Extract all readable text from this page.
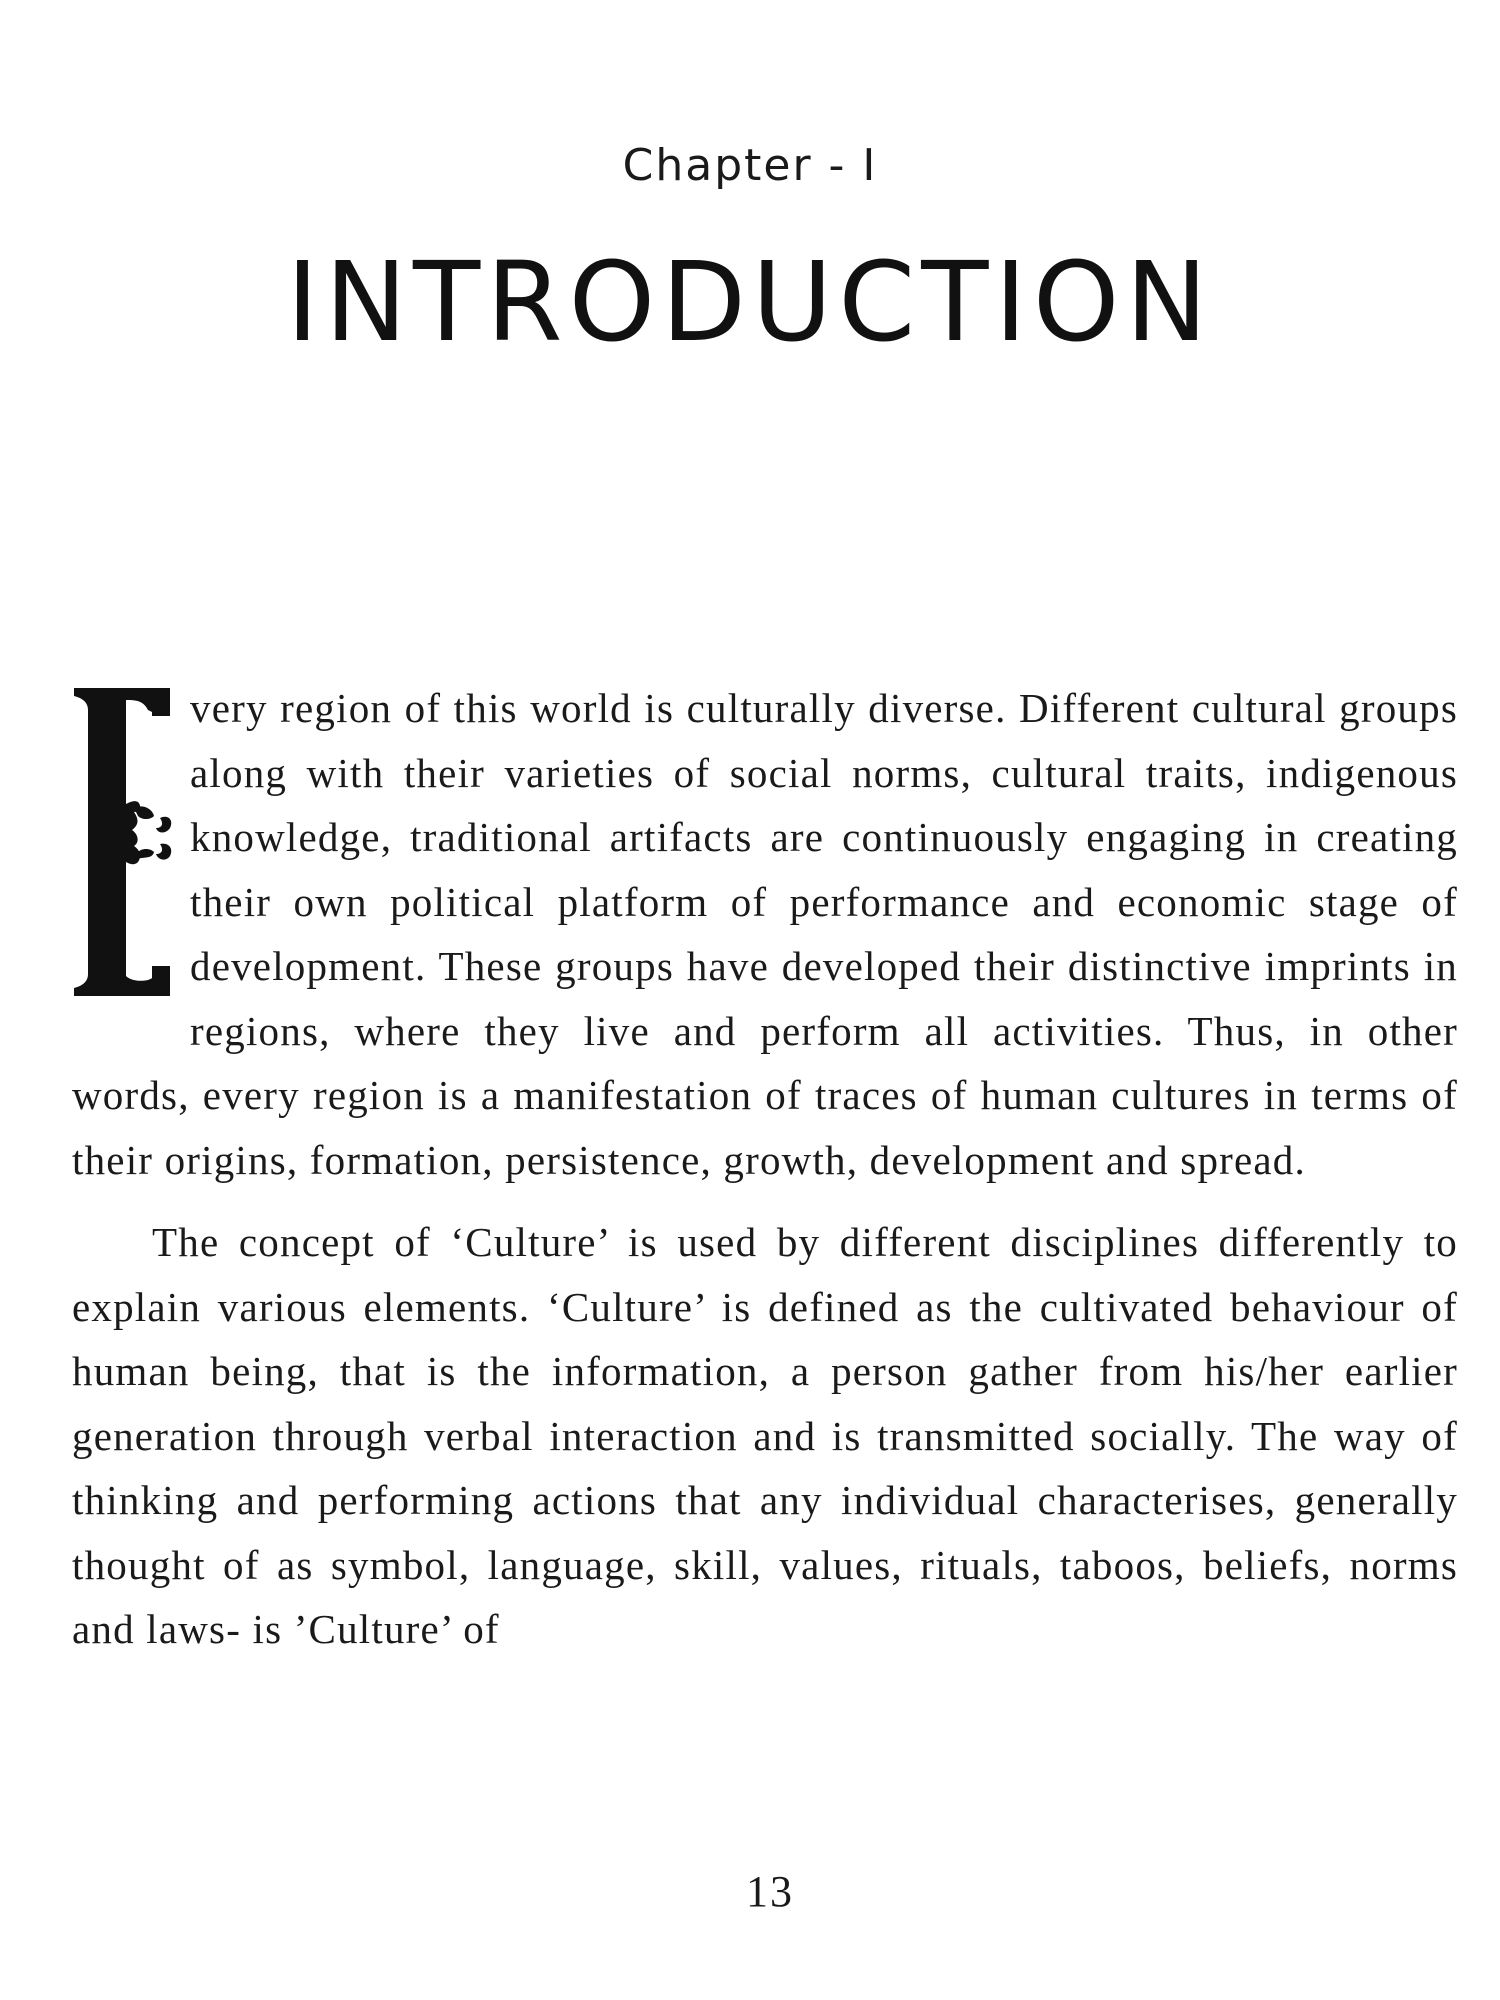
Chapter - I
INTRODUCTION

very region of this world is culturally diverse. Different cultural groups along with their varieties of social norms, cultural traits, indigenous knowledge, traditional artifacts are continuously engaging in creating their own political platform of performance and economic stage of development. These groups have developed their distinctive imprints in regions, where they live and perform all activities. Thus, in other words, every region is a manifestation of traces of human cultures in terms of their origins, formation, persistence, growth, development and spread.

The concept of ‘Culture’ is used by different disciplines differently to explain various elements. ‘Culture’ is defined as the cultivated behaviour of human being, that is the information, a person gather from his/her earlier generation through verbal interaction and is transmitted socially. The way of thinking and performing actions that any individual characterises, generally thought of as symbol, language, skill, values, rituals, taboos, beliefs, norms and laws- is ’Culture’ of

13
